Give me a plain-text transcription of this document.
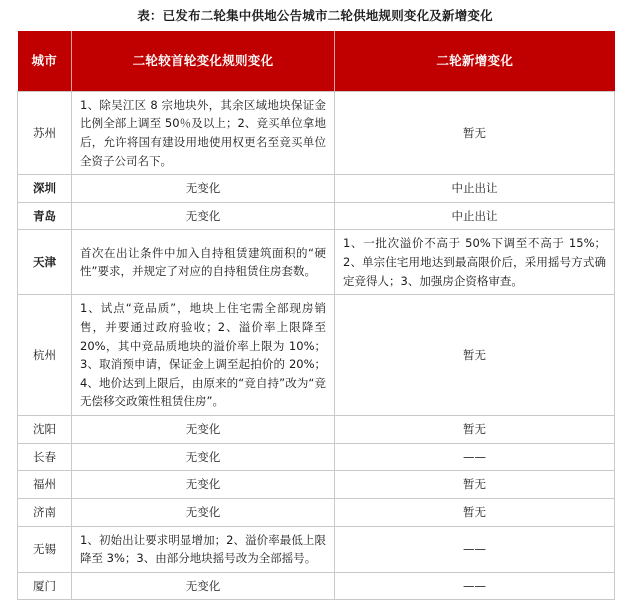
表：已发布二轮集中供地公告城市二轮供地规则变化及新增变化
城市	二轮较首轮变化规则变化	二轮新增变化
苏州	1、除吴江区 8 宗地块外，其余区域地块保证金比例全部上调至 50％及以上；2、竞买单位拿地后，允许将国有建设用地使用权更名至竞买单位全资子公司名下。	暂无
深圳	无变化	中止出让
青岛	无变化	中止出让
天津	首次在出让条件中加入自持租赁建筑面积的“硬性”要求，并规定了对应的自持租赁住房套数。	1、一批次溢价不高于 50%下调至不高于 15%；2、单宗住宅用地达到最高限价后，采用摇号方式确定竞得人；3、加强房企资格审查。
杭州	1、试点“竞品质”，地块上住宅需全部现房销售，并要通过政府验收；2、溢价率上限降至 20%，其中竞品质地块的溢价率上限为 10%；3、取消预申请，保证金上调至起拍价的 20%；4、地价达到上限后，由原来的“竞自持”改为“竞无偿移交政策性租赁住房”。	暂无
沈阳	无变化	暂无
长春	无变化	——
福州	无变化	暂无
济南	无变化	暂无
无锡	1、初始出让要求明显增加；2、溢价率最低上限降至 3%；3、由部分地块摇号改为全部摇号。	——
厦门	无变化	——
